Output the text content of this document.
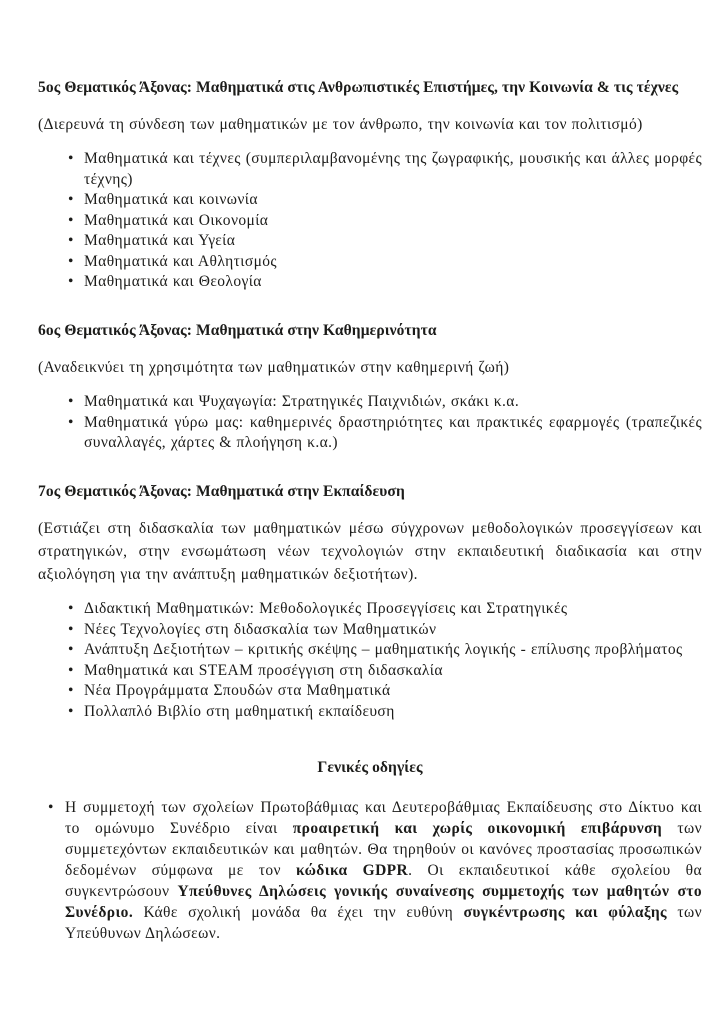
5ος Θεματικός Άξονας: Μαθηματικά στις Ανθρωπιστικές Επιστήμες, την Κοινωνία & τις τέχνες

(Διερευνά τη σύνδεση των μαθηματικών με τον άνθρωπο, την κοινωνία και τον πολιτισμό)

• Μαθηματικά και τέχνες (συμπεριλαμβανομένης της ζωγραφικής, μουσικής και άλλες μορφές τέχνης)
• Μαθηματικά και κοινωνία
• Μαθηματικά και Οικονομία
• Μαθηματικά και Υγεία
• Μαθηματικά και Αθλητισμός
• Μαθηματικά και Θεολογία
6ος Θεματικός Άξονας: Μαθηματικά στην Καθημερινότητα

(Αναδεικνύει τη χρησιμότητα των μαθηματικών στην καθημερινή ζωή)

• Μαθηματικά και Ψυχαγωγία: Στρατηγικές Παιχνιδιών, σκάκι κ.α.
• Μαθηματικά γύρω μας: καθημερινές δραστηριότητες και πρακτικές εφαρμογές (τραπεζικές συναλλαγές, χάρτες & πλοήγηση κ.α.)
7ος Θεματικός Άξονας: Μαθηματικά στην Εκπαίδευση

(Εστιάζει στη διδασκαλία των μαθηματικών μέσω σύγχρονων μεθοδολογικών προσεγγίσεων και στρατηγικών, στην ενσωμάτωση νέων τεχνολογιών στην εκπαιδευτική διαδικασία και στην αξιολόγηση για την ανάπτυξη μαθηματικών δεξιοτήτων).

• Διδακτική Μαθηματικών: Μεθοδολογικές Προσεγγίσεις και Στρατηγικές
• Νέες Τεχνολογίες στη διδασκαλία των Μαθηματικών
• Ανάπτυξη Δεξιοτήτων – κριτικής σκέψης – μαθηματικής λογικής - επίλυσης προβλήματος
• Μαθηματικά και STEAM προσέγγιση στη διδασκαλία
• Νέα Προγράμματα Σπουδών στα Μαθηματικά
• Πολλαπλό Βιβλίο στη μαθηματική εκπαίδευση
Γενικές οδηγίες
• Η συμμετοχή των σχολείων Πρωτοβάθμιας και Δευτεροβάθμιας Εκπαίδευσης στο Δίκτυο και το ομώνυμο Συνέδριο είναι προαιρετική και χωρίς οικονομική επιβάρυνση των συμμετεχόντων εκπαιδευτικών και μαθητών. Θα τηρηθούν οι κανόνες προστασίας προσωπικών δεδομένων σύμφωνα με τον κώδικα GDPR. Οι εκπαιδευτικοί κάθε σχολείου θα συγκεντρώσουν Υπεύθυνες Δηλώσεις γονικής συναίνεσης συμμετοχής των μαθητών στο Συνέδριο. Κάθε σχολική μονάδα θα έχει την ευθύνη συγκέντρωσης και φύλαξης των Υπεύθυνων Δηλώσεων.
